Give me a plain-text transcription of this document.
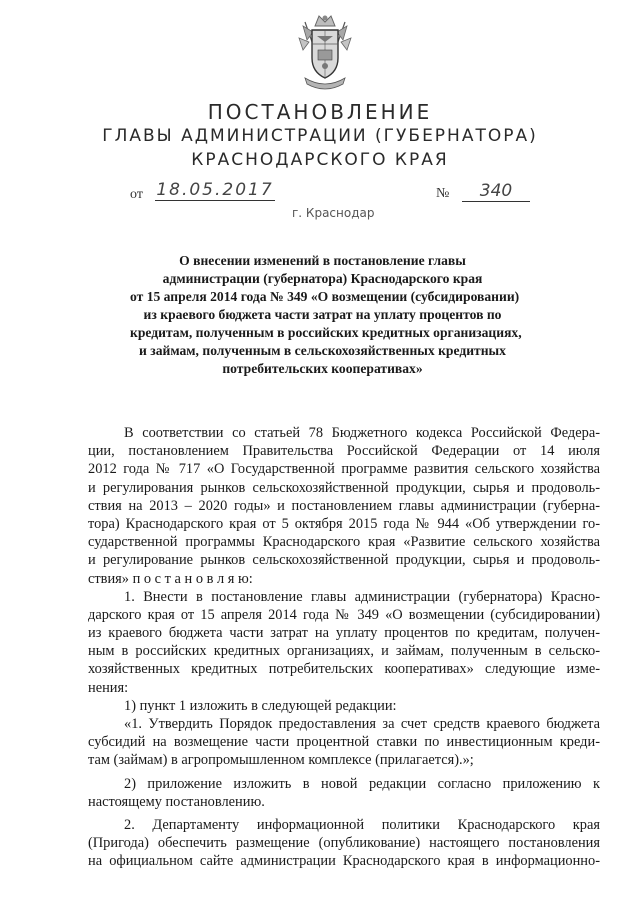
ПОСТАНОВЛЕНИЕ
ГЛАВЫ АДМИНИСТРАЦИИ (ГУБЕРНАТОРА)
КРАСНОДАРСКОГО КРАЯ
от 18.05.2017	№	340
г. Краснодар
О внесении изменений в постановление главы
администрации (губернатора) Краснодарского края
от 15 апреля 2014 года № 349 «О возмещении (субсидировании)
из краевого бюджета части затрат на уплату процентов по
кредитам, полученным в российских кредитных организациях,
и займам, полученным в сельскохозяйственных кредитных
потребительских кооперативах»
В соответствии со статьей 78 Бюджетного кодекса Российской Федера-
ции, постановлением Правительства Российской Федерации от 14 июля
2012 года № 717 «О Государственной программе развития сельского хозяйства
и регулирования рынков сельскохозяйственной продукции, сырья и продоволь-
ствия на 2013 – 2020 годы» и постановлением главы администрации (губерна-
тора) Краснодарского края от 5 октября 2015 года № 944 «Об утверждении го-
сударственной программы Краснодарского края «Развитие сельского хозяйства
и регулирование рынков сельскохозяйственной продукции, сырья и продоволь-
ствия» п о с т а н о в л я ю:
1. Внести в постановление главы администрации (губернатора) Красно-
дарского края от 15 апреля 2014 года № 349 «О возмещении (субсидировании)
из краевого бюджета части затрат на уплату процентов по кредитам, получен-
ным в российских кредитных организациях, и займам, полученным в сельско-
хозяйственных кредитных потребительских кооперативах» следующие изме-
нения:
1) пункт 1 изложить в следующей редакции:
«1. Утвердить Порядок предоставления за счет средств краевого бюджета
субсидий на возмещение части процентной ставки по инвестиционным креди-
там (займам) в агропромышленном комплексе (прилагается).»;
2) приложение изложить в новой редакции согласно приложению к
настоящему постановлению.
2. Департаменту информационной политики Краснодарского края
(Пригода) обеспечить размещение (опубликование) настоящего постановления
на официальном сайте администрации Краснодарского края в информационно-
